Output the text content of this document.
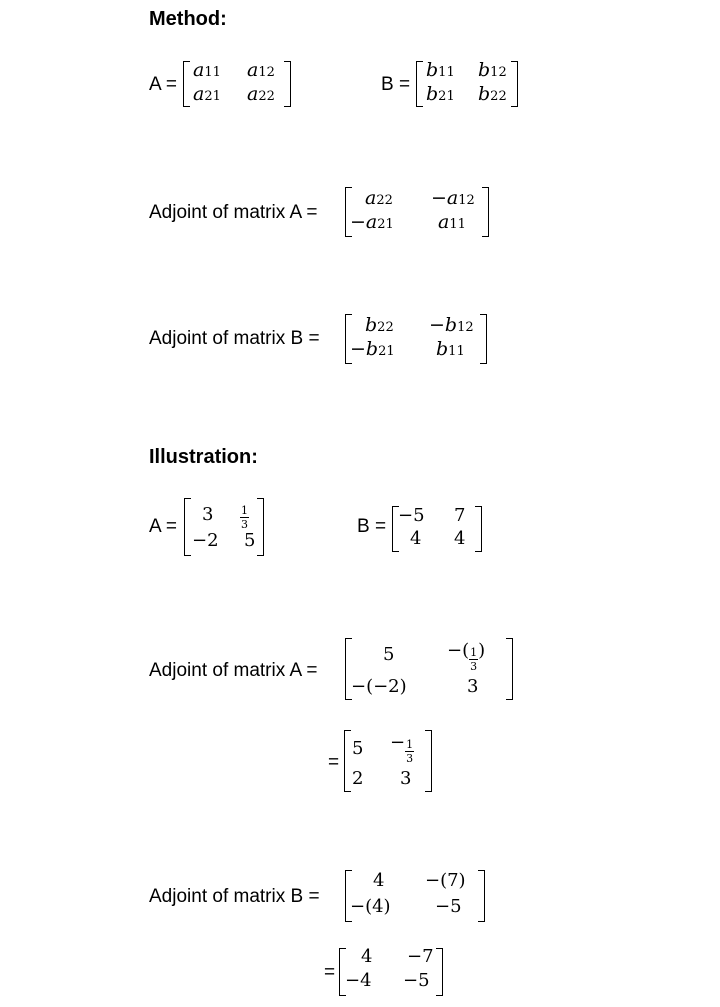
Method:
A =
a11 a12
a21 a22
B =
b11 b12
b21 b22
Adjoint of matrix A =
a22 −a12
−a21 a11
Adjoint of matrix B =
b22 −b12
−b21 b11
Illustration:
A =
$3 \frac{1}{3}$
−2 5
B =
−5 7
4 4
Adjoint of matrix A =
5	−( $\frac{1}{3}$ )
−(−2)	3
=
$5 - \frac{1}{3}$
2 3
Adjoint of matrix B =
4 −(7)
−(4) −5
=
4 −7
−4 −5
